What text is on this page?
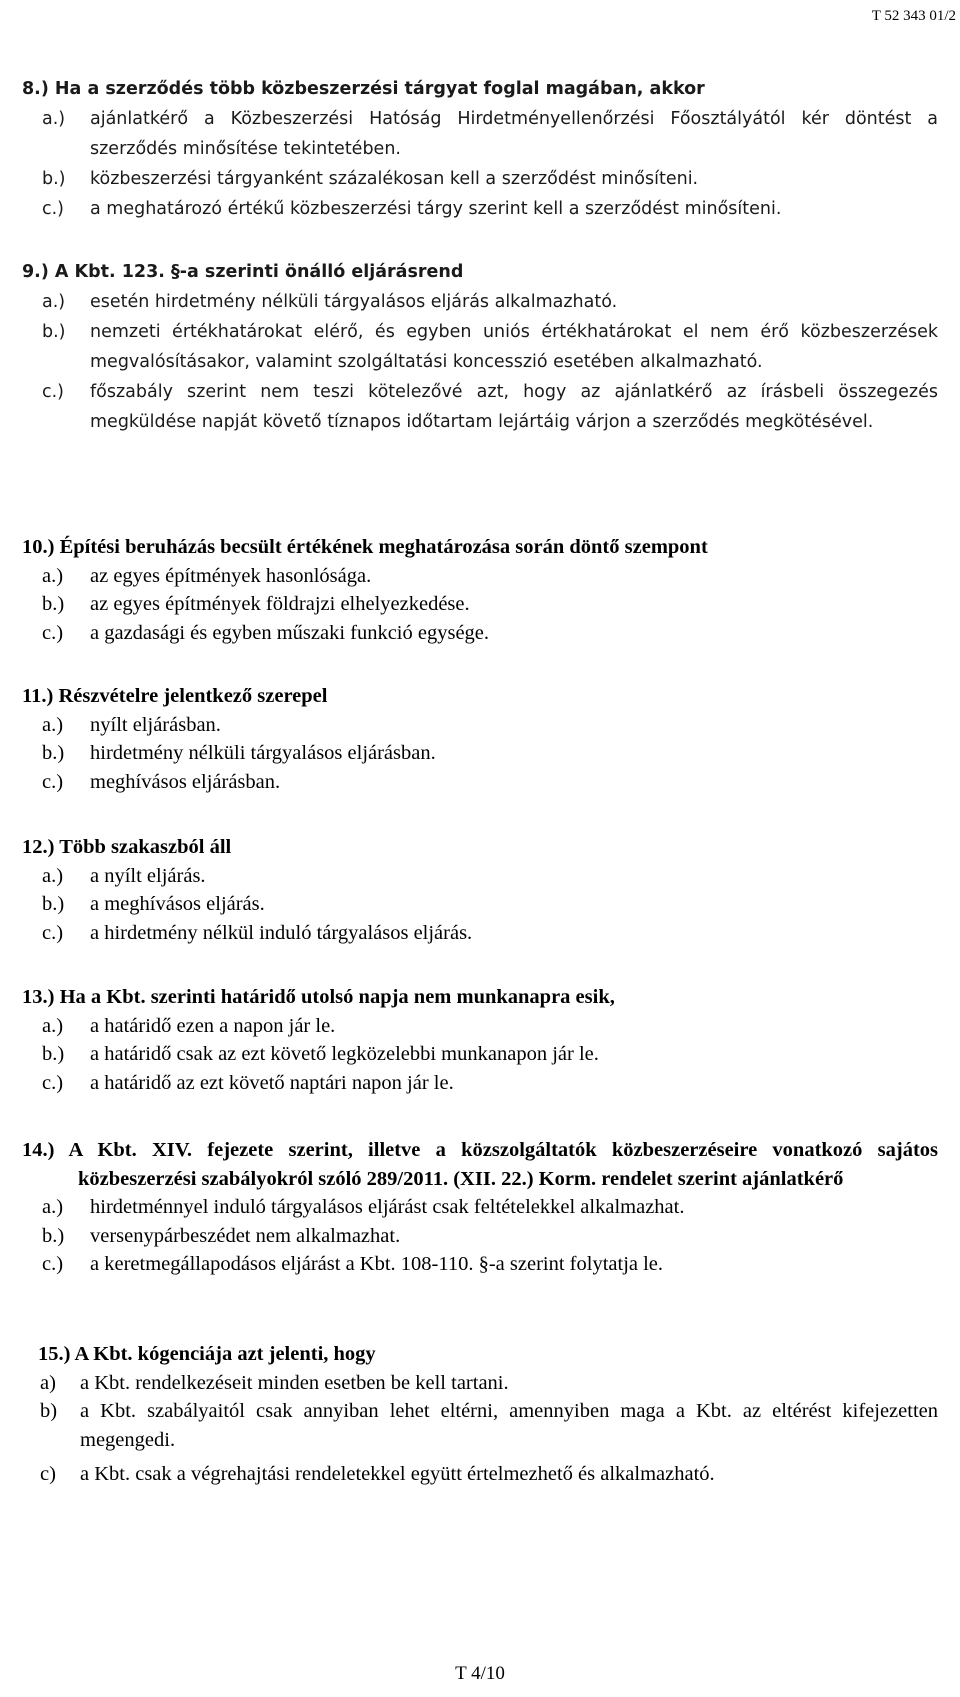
T 52 343 01/2
8.) Ha a szerződés több közbeszerzési tárgyat foglal magában, akkor
a.) ajánlatkérő a Közbeszerzési Hatóság Hirdetményellenőrzési Főosztályától kér döntést a szerződés minősítése tekintetében.
b.) közbeszerzési tárgyanként százalékosan kell a szerződést minősíteni.
c.) a meghatározó értékű közbeszerzési tárgy szerint kell a szerződést minősíteni.
9.) A Kbt. 123. §-a szerinti önálló eljárásrend
a.) esetén hirdetmény nélküli tárgyalásos eljárás alkalmazható.
b.) nemzeti értékhatárokat elérő, és egyben uniós értékhatárokat el nem érő közbeszerzések megvalósításakor, valamint szolgáltatási koncesszió esetében alkalmazható.
c.) főszabály szerint nem teszi kötelezővé azt, hogy az ajánlatkérő az írásbeli összegezés megküldése napját követő tíznapos időtartam lejártáig várjon a szerződés megkötésével.
10.) Építési beruházás becsült értékének meghatározása során döntő szempont
a.) az egyes építmények hasonlósága.
b.) az egyes építmények földrajzi elhelyezkedése.
c.) a gazdasági és egyben műszaki funkció egysége.
11.) Részvételre jelentkező szerepel
a.) nyílt eljárásban.
b.) hirdetmény nélküli tárgyalásos eljárásban.
c.) meghívásos eljárásban.
12.) Több szakaszból áll
a.) a nyílt eljárás.
b.) a meghívásos eljárás.
c.) a hirdetmény nélkül induló tárgyalásos eljárás.
13.) Ha a Kbt. szerinti határidő utolsó napja nem munkanapra esik,
a.) a határidő ezen a napon jár le.
b.) a határidő csak az ezt követő legközelebbi munkanapon jár le.
c.) a határidő az ezt követő naptári napon jár le.
14.) A Kbt. XIV. fejezete szerint, illetve a közszolgáltatók közbeszerzéseire vonatkozó sajátos közbeszerzési szabályokról szóló 289/2011. (XII. 22.) Korm. rendelet szerint ajánlatkérő
a.) hirdetménnyel induló tárgyalásos eljárást csak feltételekkel alkalmazhat.
b.) versenypárbeszédet nem alkalmazhat.
c.) a keretmegállapodásos eljárást a Kbt. 108-110. §-a szerint folytatja le.
15.) A Kbt. kógenciája azt jelenti, hogy
a) a Kbt. rendelkezéseit minden esetben be kell tartani.
b) a Kbt. szabályaitól csak annyiban lehet eltérni, amennyiben maga a Kbt. az eltérést kifejezetten megengedi.
c) a Kbt. csak a végrehajtási rendeletekkel együtt értelmezhető és alkalmazható.
T 4/10
